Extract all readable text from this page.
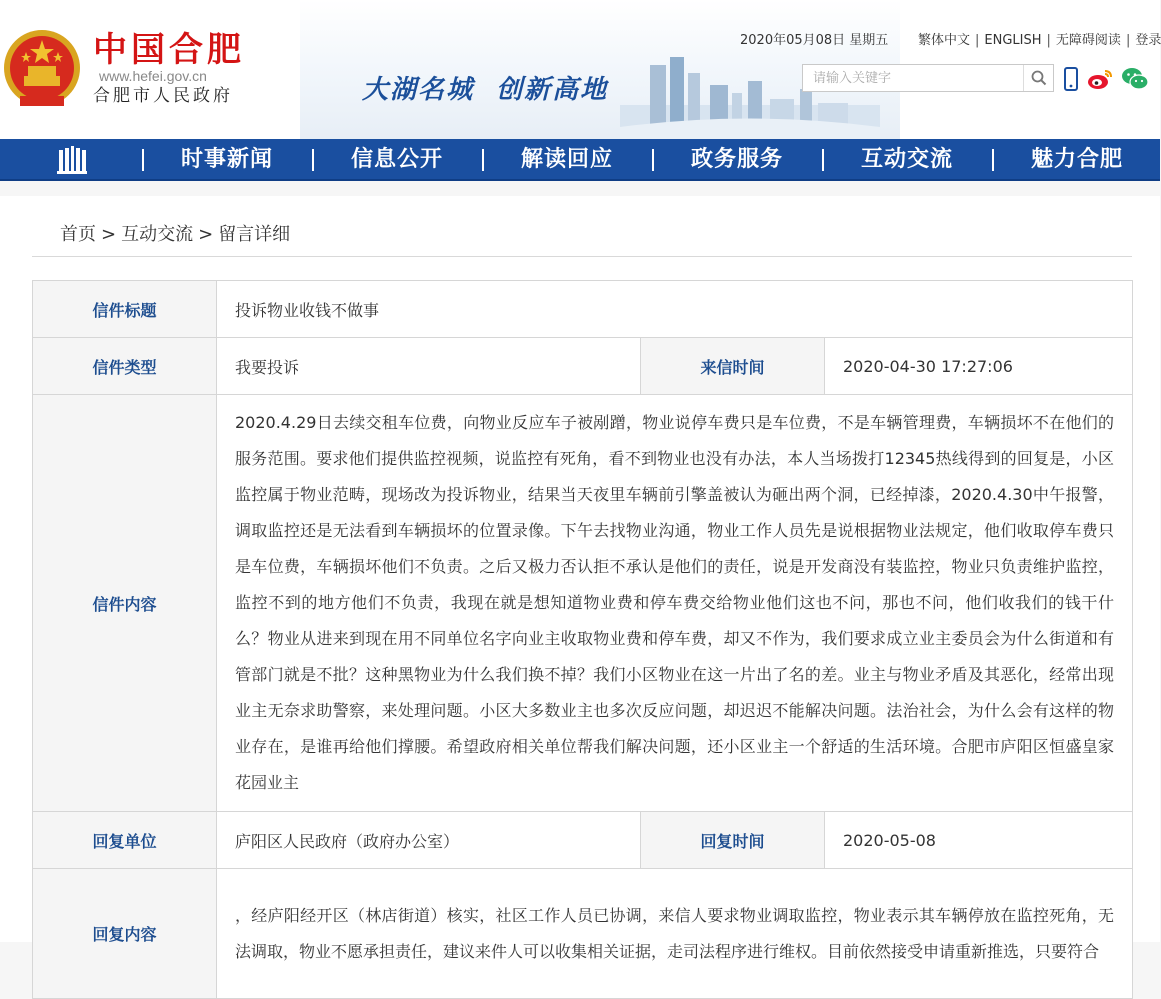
中国合肥
www.hefei.gov.cn
合肥市人民政府	大湖名城  创新高地
2020年05月08日 星期五 繁体中文 | ENGLISH | 无障碍阅读 | 登录
请输入关键字
时事新闻	信息公开	解读回应	政务服务	互动交流	魅力合肥
首页 > 互动交流 > 留言详细
信件标题	投诉物业收钱不做事		
信件类型	我要投诉	来信时间	2020-04-30 17:27:06
信件内容	2020.4.29日去续交租车位费，向物业反应车子被剐蹭，物业说停车费只是车位费，不是车辆管理费，车辆损坏不在他们的服务范围。要求他们提供监控视频，说监控有死角，看不到物业也没有办法，本人当场拨打12345热线得到的回复是，小区监控属于物业范畴，现场改为投诉物业，结果当天夜里车辆前引擎盖被认为砸出两个洞，已经掉漆，2020.4.30中午报警，调取监控还是无法看到车辆损坏的位置录像。下午去找物业沟通，物业工作人员先是说根据物业法规定，他们收取停车费只是车位费，车辆损坏他们不负责。之后又极力否认拒不承认是他们的责任，说是开发商没有装监控，物业只负责维护监控，监控不到的地方他们不负责，我现在就是想知道物业费和停车费交给物业他们这也不问，那也不问，他们收我们的钱干什么？物业从进来到现在用不同单位名字向业主收取物业费和停车费，却又不作为，我们要求成立业主委员会为什么街道和有管部门就是不批？这种黑物业为什么我们换不掉？我们小区物业在这一片出了名的差。业主与物业矛盾及其恶化，经常出现业主无奈求助警察，来处理问题。小区大多数业主也多次反应问题，却迟迟不能解决问题。法治社会，为什么会有这样的物业存在，是谁再给他们撑腰。希望政府相关单位帮我们解决问题，还小区业主一个舒适的生活环境。合肥市庐阳区恒盛皇家花园业主		
回复单位	庐阳区人民政府（政府办公室）	回复时间	2020-05-08
回复内容	，经庐阳经开区（林店街道）核实，社区工作人员已协调，来信人要求物业调取监控，物业表示其车辆停放在监控死角，无法调取，物业不愿承担责任，建议来件人可以收集相关证据，走司法程序进行维权。目前依然接受申请重新推选，只要符合		
